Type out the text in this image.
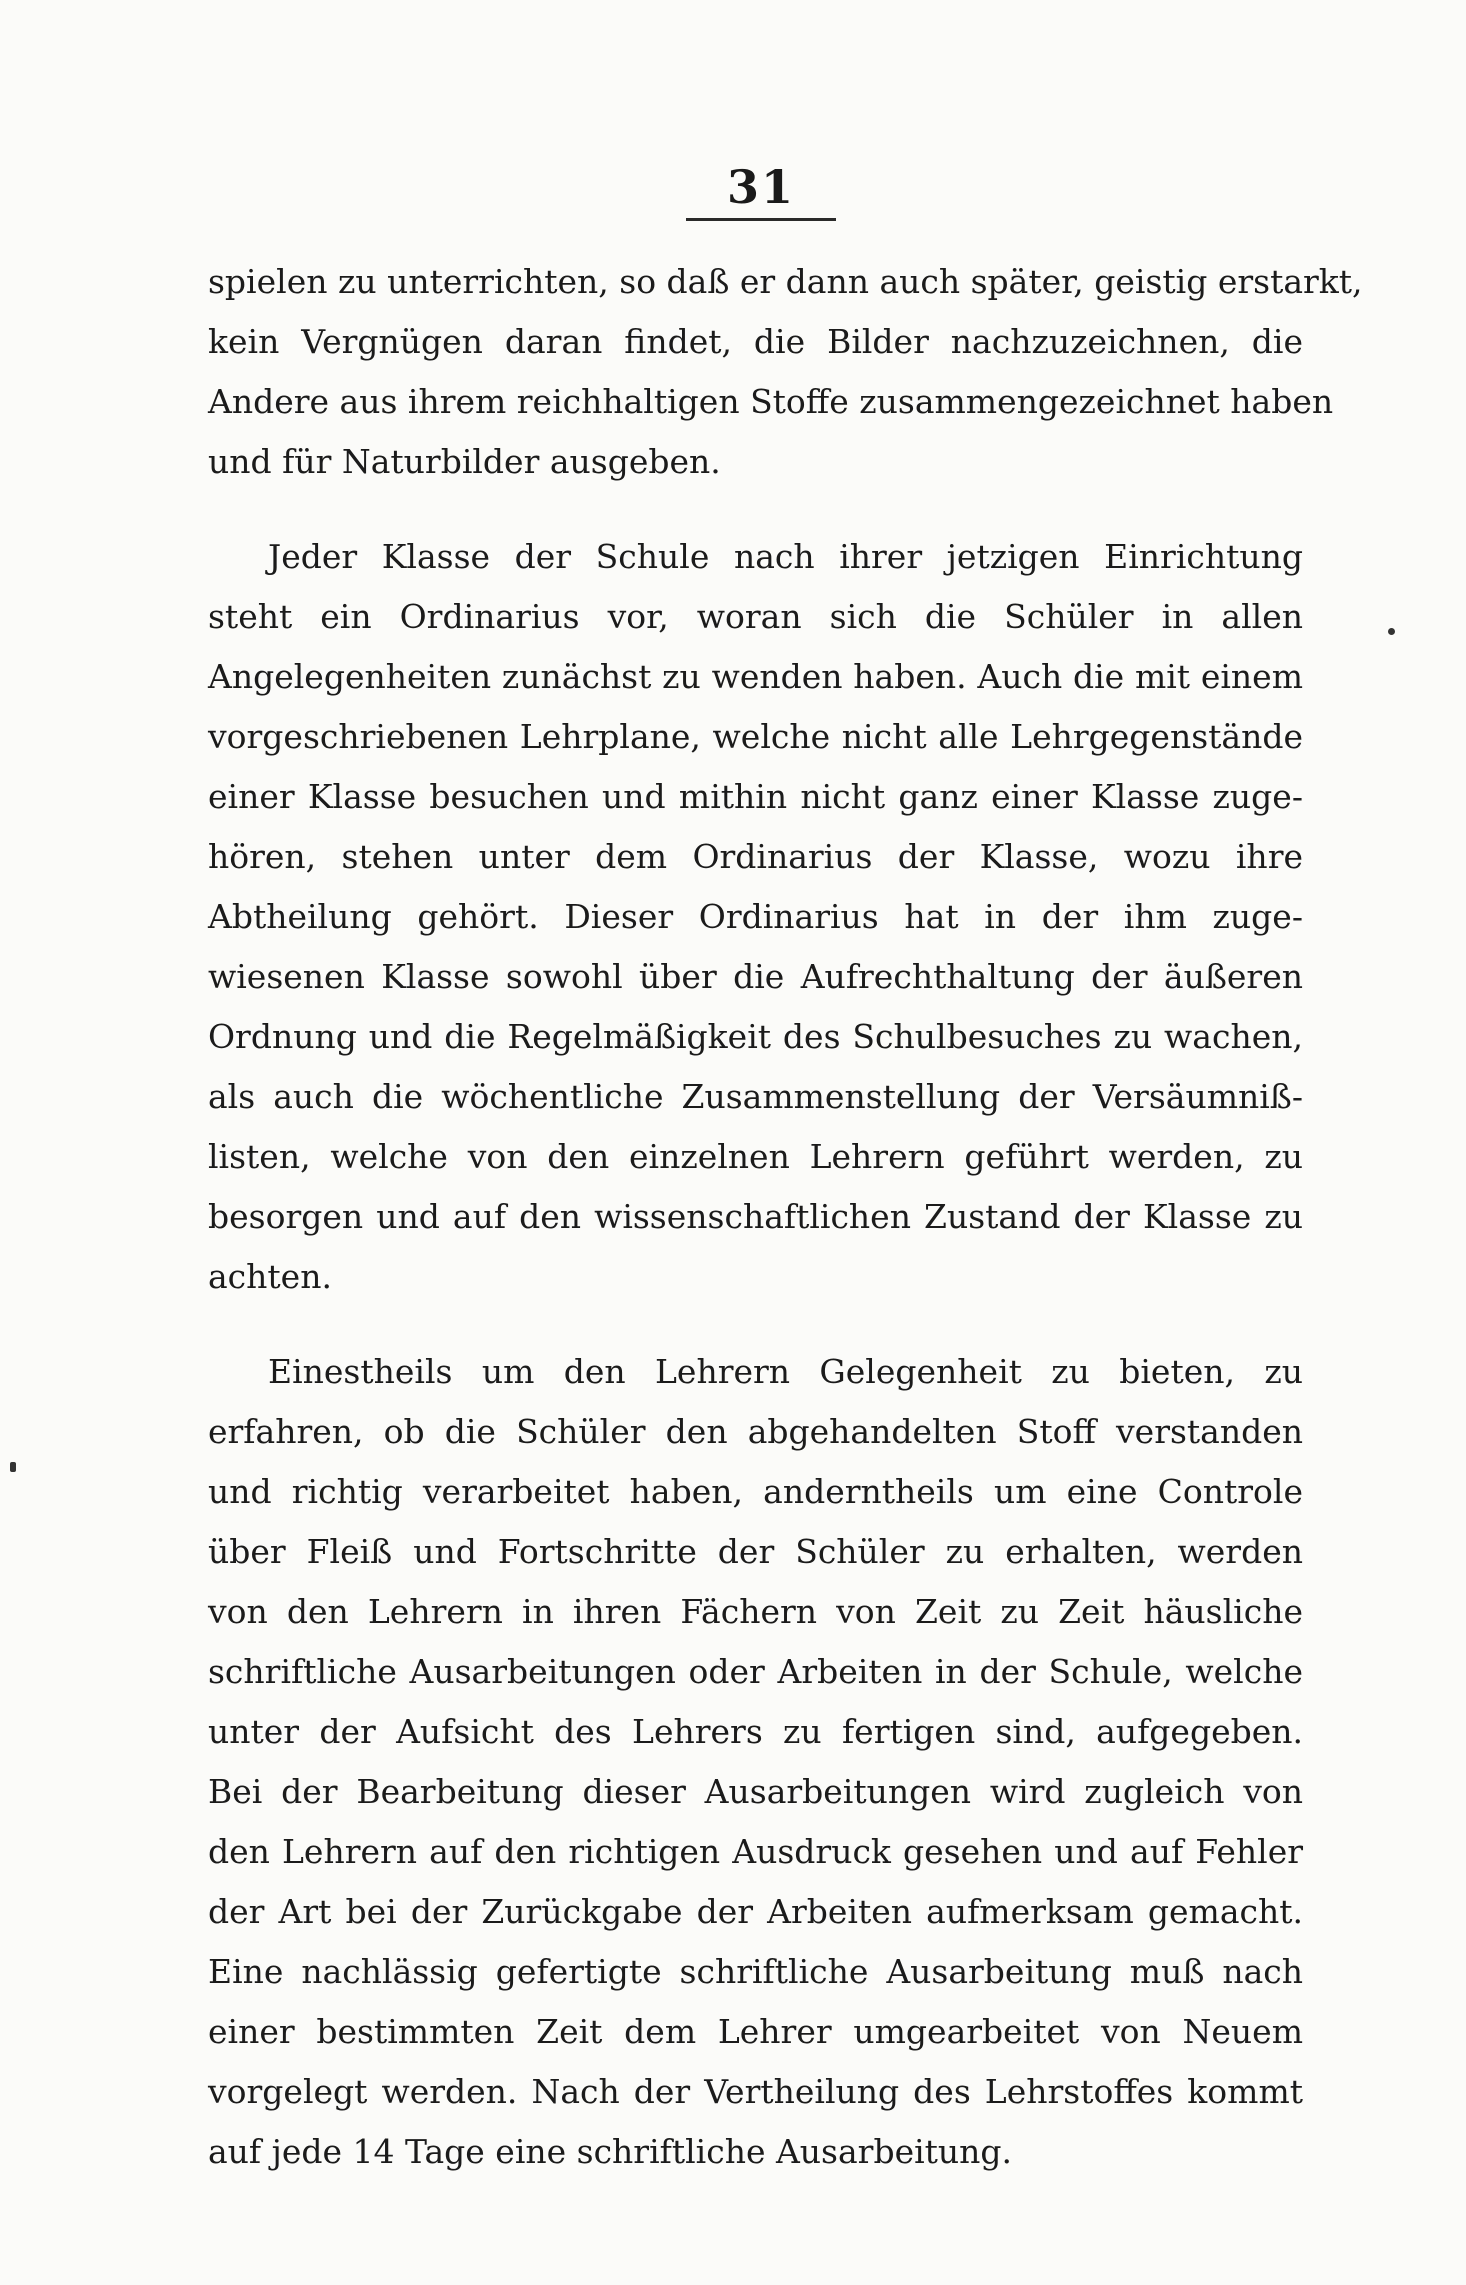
31
spielen zu unterrichten, so daß er dann auch später, geistig erstarkt,
kein Vergnügen daran findet, die Bilder nachzuzeichnen, die
Andere aus ihrem reichhaltigen Stoffe zusammengezeichnet haben
und für Naturbilder ausgeben.
Jeder Klasse der Schule nach ihrer jetzigen Einrichtung
steht ein Ordinarius vor, woran sich die Schüler in allen
Angelegenheiten zunächst zu wenden haben. Auch die mit einem
vorgeschriebenen Lehrplane, welche nicht alle Lehrgegenstände
einer Klasse besuchen und mithin nicht ganz einer Klasse zuge-
hören, stehen unter dem Ordinarius der Klasse, wozu ihre
Abtheilung gehört. Dieser Ordinarius hat in der ihm zuge-
wiesenen Klasse sowohl über die Aufrechthaltung der äußeren
Ordnung und die Regelmäßigkeit des Schulbesuches zu wachen,
als auch die wöchentliche Zusammenstellung der Versäumniß-
listen, welche von den einzelnen Lehrern geführt werden, zu
besorgen und auf den wissenschaftlichen Zustand der Klasse zu
achten.
Einestheils um den Lehrern Gelegenheit zu bieten, zu
erfahren, ob die Schüler den abgehandelten Stoff verstanden
und richtig verarbeitet haben, anderntheils um eine Controle
über Fleiß und Fortschritte der Schüler zu erhalten, werden
von den Lehrern in ihren Fächern von Zeit zu Zeit häusliche
schriftliche Ausarbeitungen oder Arbeiten in der Schule, welche
unter der Aufsicht des Lehrers zu fertigen sind, aufgegeben.
Bei der Bearbeitung dieser Ausarbeitungen wird zugleich von
den Lehrern auf den richtigen Ausdruck gesehen und auf Fehler
der Art bei der Zurückgabe der Arbeiten aufmerksam gemacht.
Eine nachlässig gefertigte schriftliche Ausarbeitung muß nach
einer bestimmten Zeit dem Lehrer umgearbeitet von Neuem
vorgelegt werden. Nach der Vertheilung des Lehrstoffes kommt
auf jede 14 Tage eine schriftliche Ausarbeitung.
